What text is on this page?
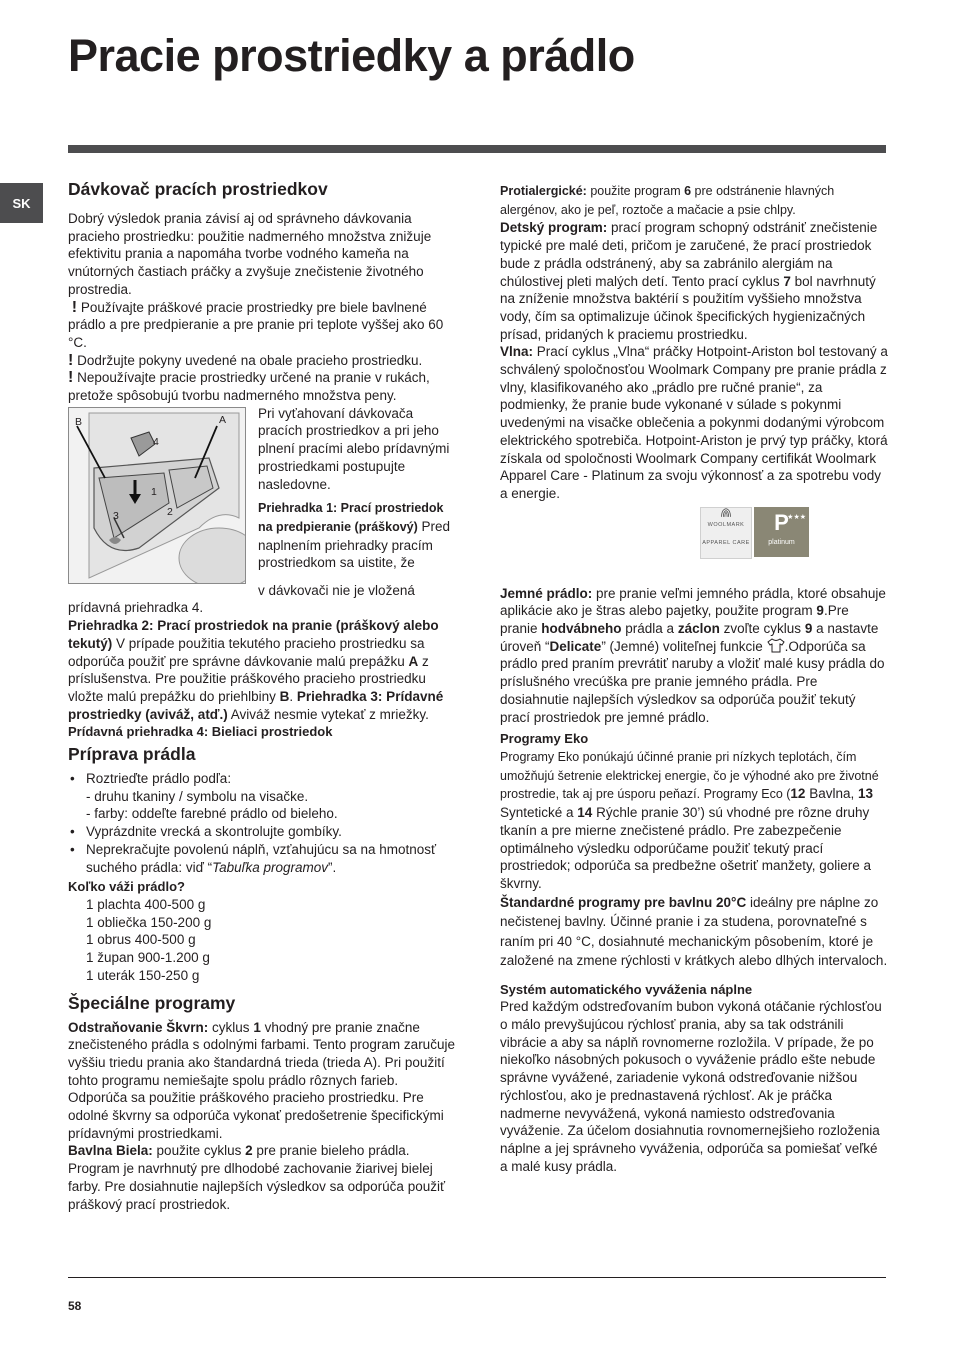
Pracie prostriedky a prádlo
SK
Dávkovač pracích prostriedkov

Dobrý výsledok prania závisí aj od správneho dávkovania pracieho prostriedku: použitie nadmerného množstva znižuje efektivitu prania a napomáha tvorbe vodného kameňa na vnútorných častiach práčky a zvyšuje znečistenie životného prostredia.

! Používajte práškové pracie prostriedky pre biele bavlnené prádlo a pre predpieranie a pre pranie pri teplote vyššej ako 60 °C.

! Dodržujte pokyny uvedené na obale pracieho prostriedku.

! Nepoužívajte pracie prostriedky určené na pranie v rukách, pretože spôsobujú tvorbu nadmerného množstva peny.

B	A
4
1
2
3

Pri vyťahovaní dávkovača pracích prostriedkov a pri jeho plnení pracími alebo prídavnými prostriedkami postupujte nasledovne.

Priehradka 1: Prací prostriedok na predpieranie (práškový) Pred naplnením priehradky pracím prostriedkom sa uistite, že

v dávkovači nie je vložená prídavná priehradka 4.

Priehradka 2: Prací prostriedok na pranie (práškový alebo tekutý) V prípade použitia tekutého pracieho prostriedku sa odporúča použiť pre správne dávkovanie malú prepážku A z príslušenstva. Pre použitie práškového pracieho prostriedku vložte malú prepážku do priehlbiny B. Priehradka 3: Prídavné prostriedky (aviváž, atď.) Aviváž nesmie vytekať z mriežky.

Prídavná priehradka 4: Bieliaci prostriedok

Príprava prádla
• Roztrieďte prádlo podľa:
- druhu tkaniny / symbolu na visačke.
- farby: oddeľte farebné prádlo od bieleho.
• Vyprázdnite vrecká a skontrolujte gombíky.
• Neprekračujte povolenú náplň, vzťahujúcu sa na hmotnosť suchého prádla: viď “Tabuľka programov”.

Koľko váži prádlo?

1 plachta 400-500 g

1 obliečka 150-200 g

1 obrus 400-500 g

1 župan 900-1.200 g

1 uterák 150-250 g

Špeciálne programy

Odstraňovanie Škvrn: cyklus 1 vhodný pre pranie značne znečisteného prádla s odolnými farbami. Tento program zaručuje vyššiu triedu prania ako štandardná trieda (trieda A). Pri použití tohto programu nemiešajte spolu prádlo rôznych farieb. Odporúča sa použitie práškového pracieho prostriedku. Pre odolné škvrny sa odporúča vykonať predošetrenie špecifickými prídavnými prostriedkami.

Bavlna Biela: použite cyklus 2 pre pranie bieleho prádla. Program je navrhnutý pre dlhodobé zachovanie žiarivej bielej farby. Pre dosiahnutie najlepších výsledkov sa odporúča použiť práškový prací prostriedok.

Protialergické: použite program 6 pre odstránenie hlavných alergénov, ako je peľ, roztoče a mačacie a psie chlpy.

Detský program: prací program schopný odstrániť znečistenie typické pre malé deti, pričom je zaručené, že prací prostriedok bude z prádla odstránený, aby sa zabránilo alergiám na chúlostivej pleti malých detí. Tento prací cyklus 7 bol navrhnutý na zníženie množstva baktérií s použitím vyššieho množstva vody, čím sa optimalizuje účinok špecifických hygienizačných prísad, pridaných k praciemu prostriedku.

Vlna: Prací cyklus „Vlna“ práčky Hotpoint-Ariston bol testovaný a schválený spoločnosťou Woolmark Company pre pranie prádla z vlny, klasifikovaného ako „prádlo pre ručné pranie“, za podmienky, že pranie bude vykonané v súlade s pokynmi uvedenými na visačke oblečenia a pokynmi dodanými výrobcom elektrického spotrebiča. Hotpoint-Ariston je prvý typ práčky, ktorá získala od spoločnosti Woolmark Company certifikát Woolmark Apparel Care - Platinum za svoju výkonnosť a za spotrebu vody a energie.

WOOLMARK
APPAREL CARE
★★★
P
platinum

Jemné prádlo: pre pranie veľmi jemného prádla, ktoré obsahuje aplikácie ako je štras alebo pajetky, použite program 9.Pre pranie hodvábneho prádla a záclon zvoľte cyklus 9 a nastavte úroveň “Delicate” (Jemné) voliteľnej funkcie .Odporúča sa prádlo pred praním prevrátiť naruby a vložiť malé kusy prádla do príslušného vrecúška pre pranie jemného prádla. Pre dosiahnutie najlepších výsledkov sa odporúča použiť tekutý prací prostriedok pre jemné prádlo.

Programy Eko

Programy Eko ponúkajú účinné pranie pri nízkych teplotách, čím umožňujú šetrenie elektrickej energie, čo je výhodné ako pre životné prostredie, tak aj pre úsporu peňazí. Programy Eco (12 Bavlna, 13 Syntetické a 14 Rýchle pranie 30’) sú vhodné pre rôzne druhy tkanín a pre mierne znečistené prádlo. Pre zabezpečenie optimálneho výsledku odporúčame použiť tekutý prací prostriedok; odporúča sa predbežne ošetriť manžety, goliere a škvrny.

Štandardné programy pre bavlnu 20°C ideálny pre náplne zo nečistenej bavlny. Účinné pranie i za studena, porovnateľné s raním pri 40 °C, dosiahnuté mechanickým pôsobením, ktoré je založené na zmene rýchlosti v krátkych alebo dlhých intervaloch.

Systém automatického vyváženia náplne

Pred každým odstreďovaním bubon vykoná otáčanie rýchlosťou o málo prevyšujúcou rýchlosť prania, aby sa tak odstránili vibrácie a aby sa náplň rovnomerne rozložila. V prípade, že po niekoľko násobných pokusoch o vyváženie prádlo ešte nebude správne vyvážené, zariadenie vykoná odstreďovanie nižšou rýchlosťou, ako je prednastavená rýchlosť. Ak je práčka nadmerne nevyvážená, vykoná namiesto odstreďovania vyváženie. Za účelom dosiahnutia rovnomernejšieho rozloženia náplne a jej správneho vyváženia, odporúča sa pomiešať veľké a malé kusy prádla.

58
